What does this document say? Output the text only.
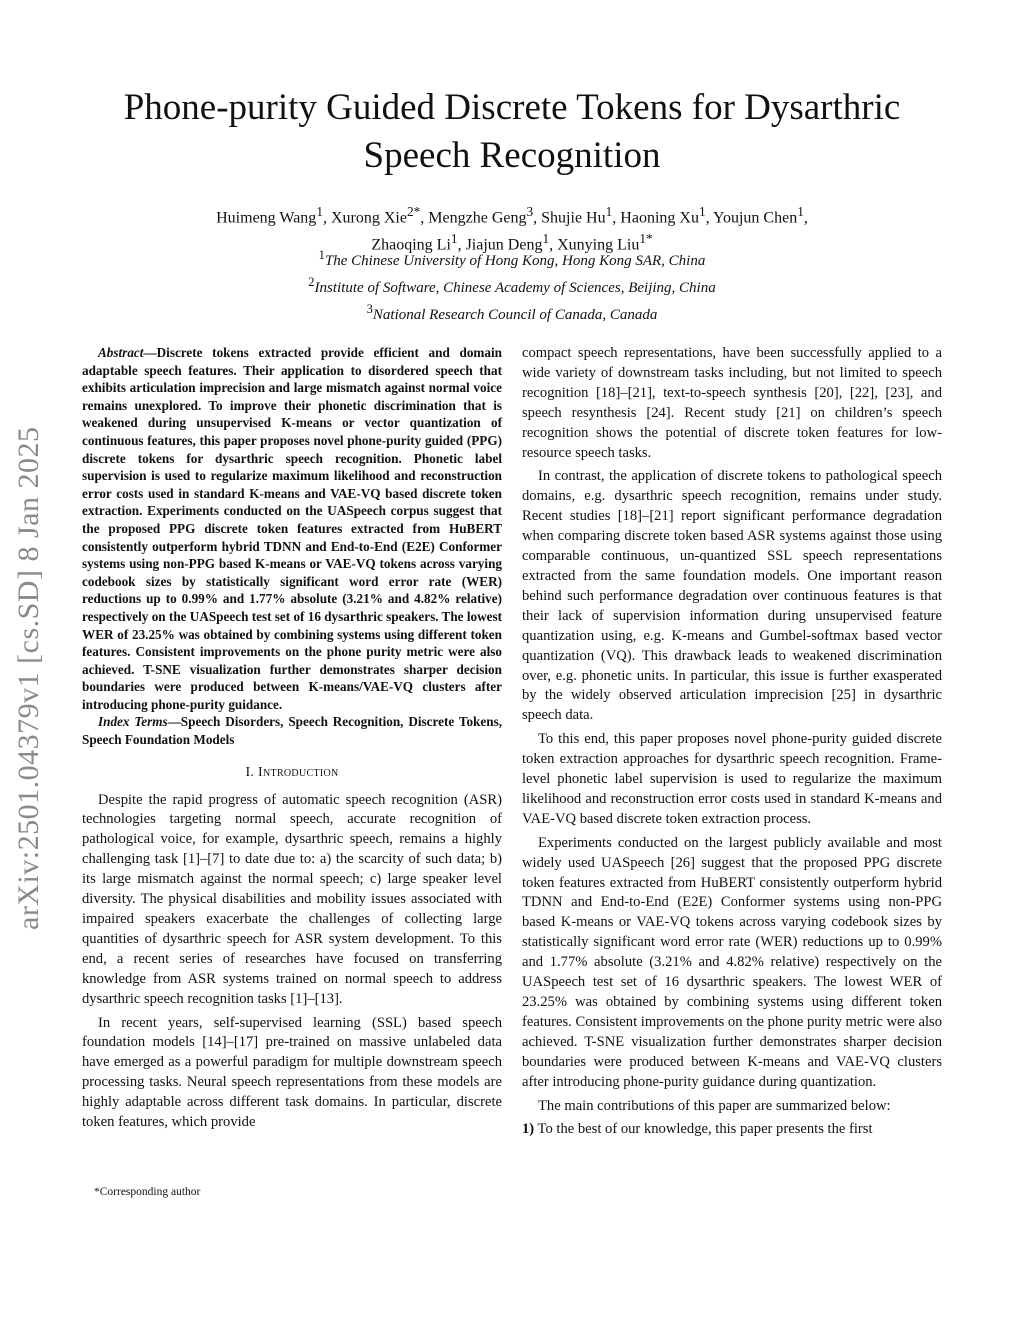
arXiv:2501.04379v1 [cs.SD] 8 Jan 2025
Phone-purity Guided Discrete Tokens for Dysarthric
Speech Recognition
Huimeng Wang$^1$, Xurong Xie$^{2*}$, Mengzhe Geng$^3$, Shujie Hu$^1$, Haoning Xu$^1$, Youjun Chen$^1$,
Zhaoqing Li$^1$, Jiajun Deng$^1$, Xunying Liu$^{1*}$
$^1$The Chinese University of Hong Kong, Hong Kong SAR, China
$^2$Institute of Software, Chinese Academy of Sciences, Beijing, China
$^3$National Research Council of Canada, Canada

Abstract—Discrete tokens extracted provide efficient and domain adaptable speech features. Their application to disordered speech that exhibits articulation imprecision and large mismatch against normal voice remains unexplored. To improve their phonetic discrimination that is weakened during unsupervised K-means or vector quantization of continuous features, this paper proposes novel phone-purity guided (PPG) discrete tokens for dysarthric speech recognition. Phonetic label supervision is used to regularize maximum likelihood and reconstruction error costs used in standard K-means and VAE-VQ based discrete token extraction. Experiments conducted on the UASpeech corpus suggest that the proposed PPG discrete token features extracted from HuBERT consistently outperform hybrid TDNN and End-to-End (E2E) Conformer systems using non-PPG based K-means or VAE-VQ tokens across varying codebook sizes by statistically significant word error rate (WER) reductions up to 0.99% and 1.77% absolute (3.21% and 4.82% relative) respectively on the UASpeech test set of 16 dysarthric speakers. The lowest WER of 23.25% was obtained by combining systems using different token features. Consistent improvements on the phone purity metric were also achieved. T-SNE visualization further demonstrates sharper decision boundaries were produced between K-means/VAE-VQ clusters after introducing phone-purity guidance.

Index Terms—Speech Disorders, Speech Recognition, Discrete Tokens, Speech Foundation Models

I. Introduction

Despite the rapid progress of automatic speech recognition (ASR) technologies targeting normal speech, accurate recognition of pathological voice, for example, dysarthric speech, remains a highly challenging task [1]–[7] to date due to: a) the scarcity of such data; b) its large mismatch against the normal speech; c) large speaker level diversity. The physical disabilities and mobility issues associated with impaired speakers exacerbate the challenges of collecting large quantities of dysarthric speech for ASR system development. To this end, a recent series of researches have focused on transferring knowledge from ASR systems trained on normal speech to address dysarthric speech recognition tasks [1]–[13].

In recent years, self-supervised learning (SSL) based speech foundation models [14]–[17] pre-trained on massive unlabeled data have emerged as a powerful paradigm for multiple downstream speech processing tasks. Neural speech representations from these models are highly adaptable across different task domains. In particular, discrete token features, which provide

compact speech representations, have been successfully applied to a wide variety of downstream tasks including, but not limited to speech recognition [18]–[21], text-to-speech synthesis [20], [22], [23], and speech resynthesis [24]. Recent study [21] on children’s speech recognition shows the potential of discrete token features for low-resource speech tasks.

In contrast, the application of discrete tokens to pathological speech domains, e.g. dysarthric speech recognition, remains under study. Recent studies [18]–[21] report significant performance degradation when comparing discrete token based ASR systems against those using comparable continuous, un-quantized SSL speech representations extracted from the same foundation models. One important reason behind such performance degradation over continuous features is that their lack of supervision information during unsupervised feature quantization using, e.g. K-means and Gumbel-softmax based vector quantization (VQ). This drawback leads to weakened discrimination over, e.g. phonetic units. In particular, this issue is further exasperated by the widely observed articulation imprecision [25] in dysarthric speech data.

To this end, this paper proposes novel phone-purity guided discrete token extraction approaches for dysarthric speech recognition. Frame-level phonetic label supervision is used to regularize the maximum likelihood and reconstruction error costs used in standard K-means and VAE-VQ based discrete token extraction process.

Experiments conducted on the largest publicly available and most widely used UASpeech [26] suggest that the proposed PPG discrete token features extracted from HuBERT consistently outperform hybrid TDNN and End-to-End (E2E) Conformer systems using non-PPG based K-means or VAE-VQ tokens across varying codebook sizes by statistically significant word error rate (WER) reductions up to 0.99% and 1.77% absolute (3.21% and 4.82% relative) respectively on the UASpeech test set of 16 dysarthric speakers. The lowest WER of 23.25% was obtained by combining systems using different token features. Consistent improvements on the phone purity metric were also achieved. T-SNE visualization further demonstrates sharper decision boundaries were produced between K-means and VAE-VQ clusters after introducing phone-purity guidance during quantization.

The main contributions of this paper are summarized below:

1) To the best of our knowledge, this paper presents the first

*Corresponding author
